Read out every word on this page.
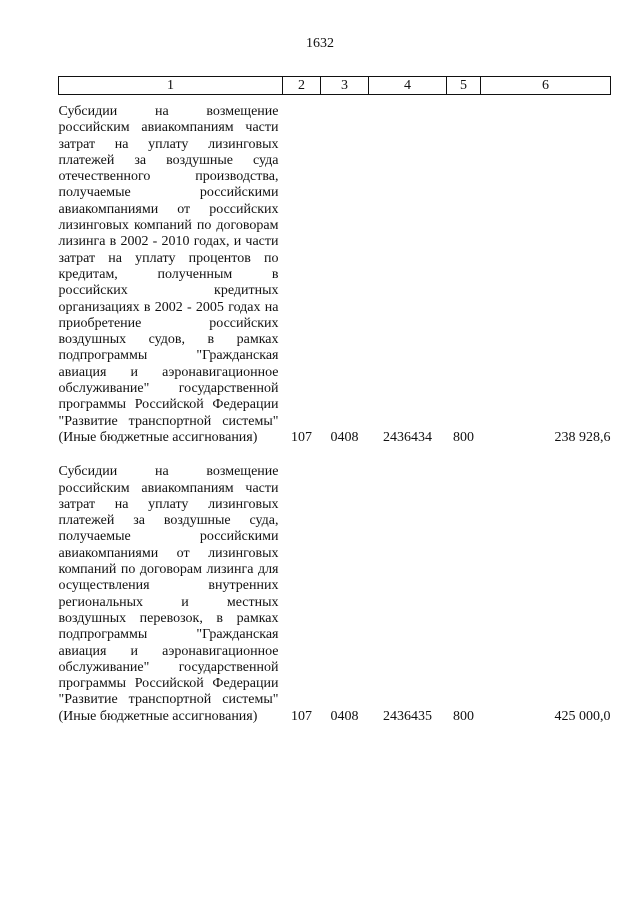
1632
1	2	3	4	5	6
Субсидии на возмещение российским авиакомпаниям части затрат на уплату лизинговых платежей за воздушные суда отечественного производства, получаемые российскими авиакомпаниями от российских лизинговых компаний по договорам лизинга в 2002 - 2010 годах, и части затрат на уплату процентов по кредитам, полученным в российских кредитных организациях в 2002 - 2005 годах на приобретение российских воздушных судов, в рамках подпрограммы "Гражданская авиация и аэронавигационное обслуживание" государственной программы Российской Федерации "Развитие транспортной системы" (Иные бюджетные ассигнования)	107	0408	2436434	800	238 928,6
Субсидии на возмещение российским авиакомпаниям части затрат на уплату лизинговых платежей за воздушные суда, получаемые российскими авиакомпаниями от лизинговых компаний по договорам лизинга для осуществления внутренних региональных и местных воздушных перевозок, в рамках подпрограммы "Гражданская авиация и аэронавигационное обслуживание" государственной программы Российской Федерации "Развитие транспортной системы" (Иные бюджетные ассигнования)	107	0408	2436435	800	425 000,0
